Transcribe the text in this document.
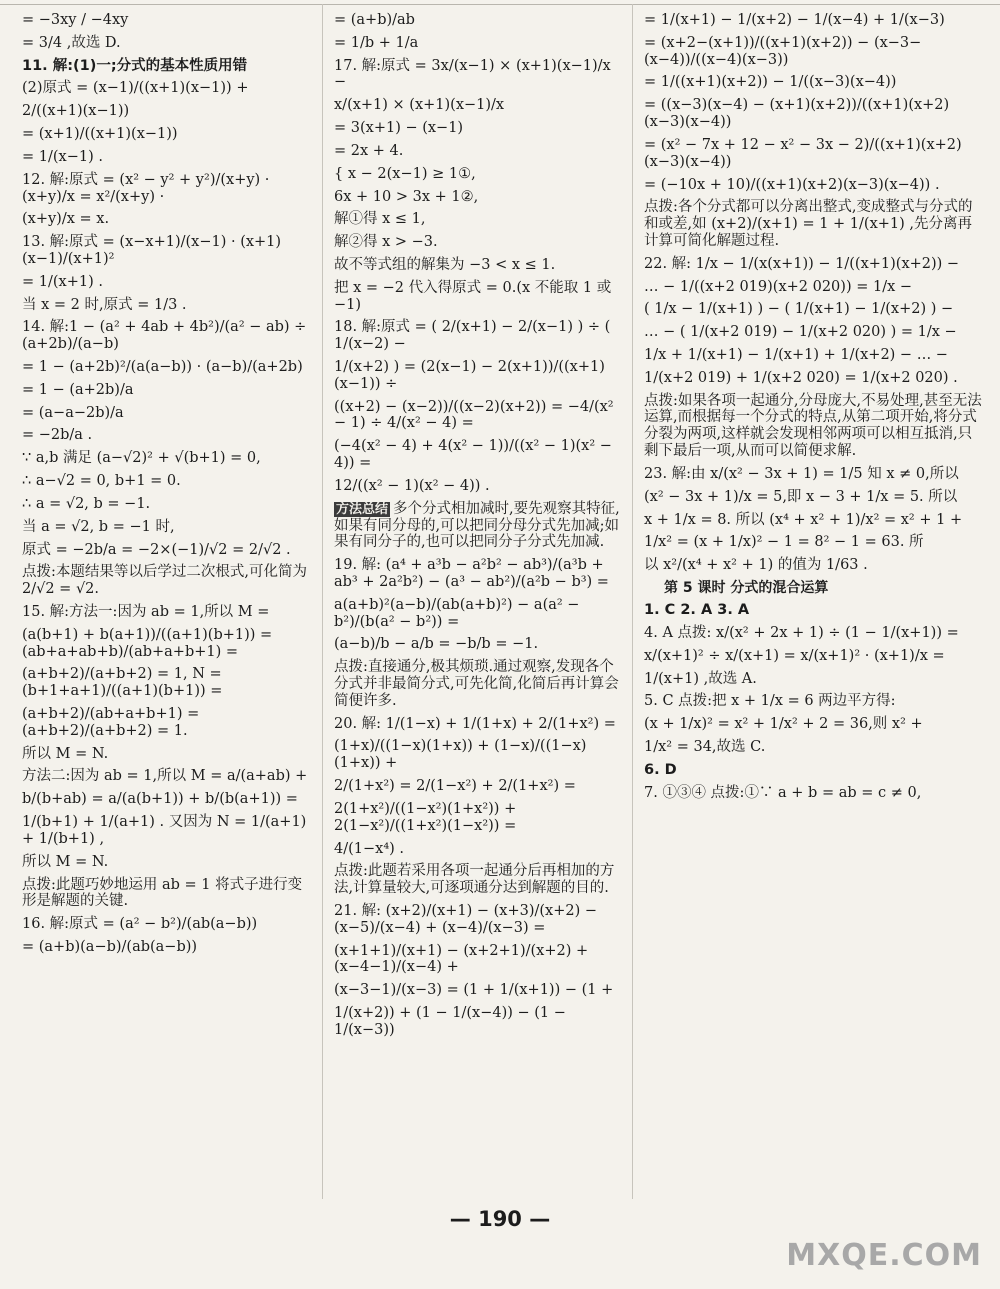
= −3xy / −4xy
= 3/4 ,故选 D.
11. 解:(1)一;分式的基本性质用错
(2)原式 = (x−1)/((x+1)(x−1)) +
2/((x+1)(x−1))
= (x+1)/((x+1)(x−1))
= 1/(x−1) .
12. 解:原式 = (x² − y² + y²)/(x+y) · (x+y)/x = x²/(x+y) ·
(x+y)/x = x.
13. 解:原式 = (x−x+1)/(x−1) · (x+1)(x−1)/(x+1)²
= 1/(x+1) .
当 x = 2 时,原式 = 1/3 .
14. 解:1 − (a² + 4ab + 4b²)/(a² − ab) ÷ (a+2b)/(a−b)
= 1 − (a+2b)²/(a(a−b)) · (a−b)/(a+2b)
= 1 − (a+2b)/a
= (a−a−2b)/a
= −2b/a .
∵ a,b 满足 (a−√2)² + √(b+1) = 0,
∴ a−√2 = 0, b+1 = 0.
∴ a = √2, b = −1.
当 a = √2, b = −1 时,
原式 = −2b/a = −2×(−1)/√2 = 2/√2 .
点拨:本题结果等以后学过二次根式,可化简为 2/√2 = √2.
15. 解:方法一:因为 ab = 1,所以 M =
(a(b+1) + b(a+1))/((a+1)(b+1)) = (ab+a+ab+b)/(ab+a+b+1) =
(a+b+2)/(a+b+2) = 1, N = (b+1+a+1)/((a+1)(b+1)) =
(a+b+2)/(ab+a+b+1) = (a+b+2)/(a+b+2) = 1.
所以 M = N.
方法二:因为 ab = 1,所以 M = a/(a+ab) +
b/(b+ab) = a/(a(b+1)) + b/(b(a+1)) =
1/(b+1) + 1/(a+1) . 又因为 N = 1/(a+1) + 1/(b+1) ,
所以 M = N.
点拨:此题巧妙地运用 ab = 1 将式子进行变形是解题的关键.
16. 解:原式 = (a² − b²)/(ab(a−b))
= (a+b)(a−b)/(ab(a−b))
= (a+b)/ab
= 1/b + 1/a
17. 解:原式 = 3x/(x−1) × (x+1)(x−1)/x −
x/(x+1) × (x+1)(x−1)/x
= 3(x+1) − (x−1)
= 2x + 4.
{ x − 2(x−1) ≥ 1①,
6x + 10 > 3x + 1②,
解①得 x ≤ 1,
解②得 x > −3.
故不等式组的解集为 −3 < x ≤ 1.
把 x = −2 代入得原式 = 0.(x 不能取 1 或 −1)
18. 解:原式 = ( 2/(x+1) − 2/(x−1) ) ÷ ( 1/(x−2) −
1/(x+2) ) = (2(x−1) − 2(x+1))/((x+1)(x−1)) ÷
((x+2) − (x−2))/((x−2)(x+2)) = −4/(x² − 1) ÷ 4/(x² − 4) =
(−4(x² − 4) + 4(x² − 1))/((x² − 1)(x² − 4)) =
12/((x² − 1)(x² − 4)) .
方法总结 多个分式相加减时,要先观察其特征,如果有同分母的,可以把同分母分式先加减;如果有同分子的,也可以把同分子分式先加减.
19. 解: (a⁴ + a³b − a²b² − ab³)/(a³b + ab³ + 2a²b²) − (a³ − ab²)/(a²b − b³) =
a(a+b)²(a−b)/(ab(a+b)²) − a(a² − b²)/(b(a² − b²)) =
(a−b)/b − a/b = −b/b = −1.
点拨:直接通分,极其烦琐.通过观察,发现各个分式并非最简分式,可先化简,化简后再计算会简便许多.
20. 解: 1/(1−x) + 1/(1+x) + 2/(1+x²) =
(1+x)/((1−x)(1+x)) + (1−x)/((1−x)(1+x)) +
2/(1+x²) = 2/(1−x²) + 2/(1+x²) =
2(1+x²)/((1−x²)(1+x²)) + 2(1−x²)/((1+x²)(1−x²)) =
4/(1−x⁴) .
点拨:此题若采用各项一起通分后再相加的方法,计算量较大,可逐项通分达到解题的目的.
21. 解: (x+2)/(x+1) − (x+3)/(x+2) − (x−5)/(x−4) + (x−4)/(x−3) =
(x+1+1)/(x+1) − (x+2+1)/(x+2) + (x−4−1)/(x−4) +
(x−3−1)/(x−3) = (1 + 1/(x+1)) − (1 +
1/(x+2)) + (1 − 1/(x−4)) − (1 − 1/(x−3))
= 1/(x+1) − 1/(x+2) − 1/(x−4) + 1/(x−3)
= (x+2−(x+1))/((x+1)(x+2)) − (x−3−(x−4))/((x−4)(x−3))
= 1/((x+1)(x+2)) − 1/((x−3)(x−4))
= ((x−3)(x−4) − (x+1)(x+2))/((x+1)(x+2)(x−3)(x−4))
= (x² − 7x + 12 − x² − 3x − 2)/((x+1)(x+2)(x−3)(x−4))
= (−10x + 10)/((x+1)(x+2)(x−3)(x−4)) .
点拨:各个分式都可以分离出整式,变成整式与分式的和或差,如 (x+2)/(x+1) = 1 + 1/(x+1) ,先分离再计算可简化解题过程.
22. 解: 1/x − 1/(x(x+1)) − 1/((x+1)(x+2)) −
… − 1/((x+2 019)(x+2 020)) = 1/x −
( 1/x − 1/(x+1) ) − ( 1/(x+1) − 1/(x+2) ) −
… − ( 1/(x+2 019) − 1/(x+2 020) ) = 1/x −
1/x + 1/(x+1) − 1/(x+1) + 1/(x+2) − … −
1/(x+2 019) + 1/(x+2 020) = 1/(x+2 020) .
点拨:如果各项一起通分,分母庞大,不易处理,甚至无法运算,而根据每一个分式的特点,从第二项开始,将分式分裂为两项,这样就会发现相邻两项可以相互抵消,只剩下最后一项,从而可以简便求解.
23. 解:由 x/(x² − 3x + 1) = 1/5 知 x ≠ 0,所以
(x² − 3x + 1)/x = 5,即 x − 3 + 1/x = 5. 所以
x + 1/x = 8. 所以 (x⁴ + x² + 1)/x² = x² + 1 +
1/x² = (x + 1/x)² − 1 = 8² − 1 = 63. 所
以 x²/(x⁴ + x² + 1) 的值为 1/63 .
第 5 课时 分式的混合运算
1. C 2. A 3. A
4. A 点拨: x/(x² + 2x + 1) ÷ (1 − 1/(x+1)) =
x/(x+1)² ÷ x/(x+1) = x/(x+1)² · (x+1)/x =
1/(x+1) ,故选 A.
5. C 点拨:把 x + 1/x = 6 两边平方得:
(x + 1/x)² = x² + 1/x² + 2 = 36,则 x² +
1/x² = 34,故选 C.
6. D
7. ①③④ 点拨:①∵ a + b = ab = c ≠ 0,
— 190 —
MXQE.COM
